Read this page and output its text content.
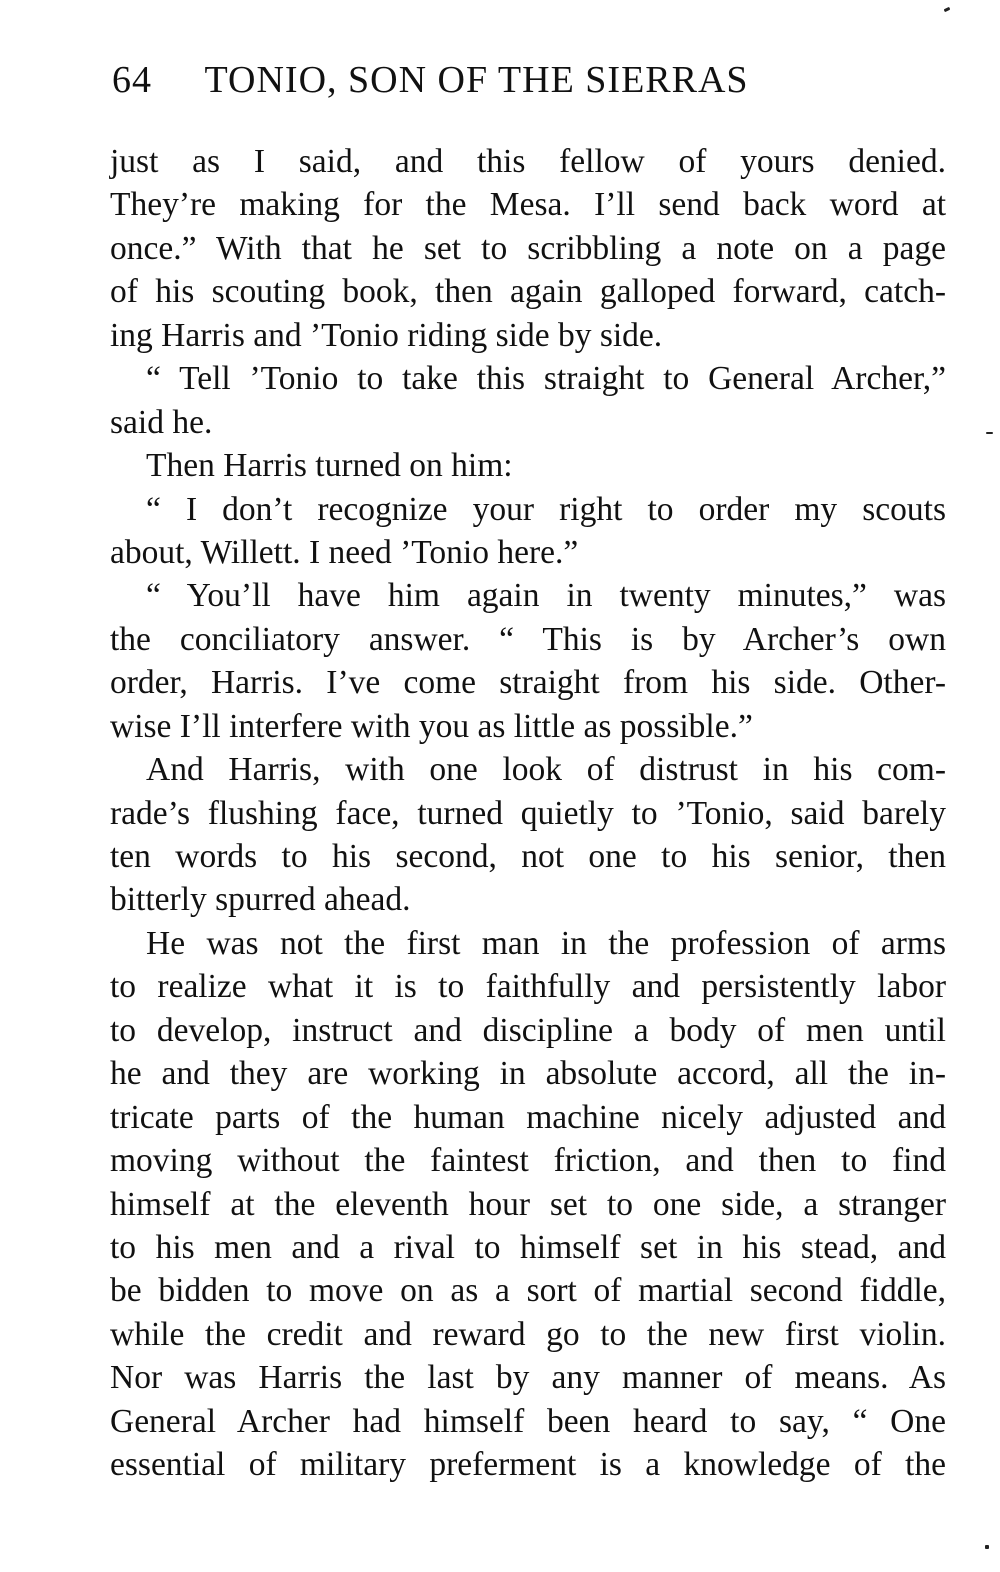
64 TONIO, SON OF THE SIERRAS
just as I said, and this fellow of yours denied.
They’re making for the Mesa. I’ll send back word at
once.” With that he set to scribbling a note on a page
of his scouting book, then again galloped forward, catch-
ing Harris and ’Tonio riding side by side.
“ Tell ’Tonio to take this straight to General Archer,”
said he.
Then Harris turned on him:
“ I don’t recognize your right to order my scouts
about, Willett. I need ’Tonio here.”
“ You’ll have him again in twenty minutes,” was
the conciliatory answer. “ This is by Archer’s own
order, Harris. I’ve come straight from his side. Other-
wise I’ll interfere with you as little as possible.”
And Harris, with one look of distrust in his com-
rade’s flushing face, turned quietly to ’Tonio, said barely
ten words to his second, not one to his senior, then
bitterly spurred ahead.
He was not the first man in the profession of arms
to realize what it is to faithfully and persistently labor
to develop, instruct and discipline a body of men until
he and they are working in absolute accord, all the in-
tricate parts of the human machine nicely adjusted and
moving without the faintest friction, and then to find
himself at the eleventh hour set to one side, a stranger
to his men and a rival to himself set in his stead, and
be bidden to move on as a sort of martial second fiddle,
while the credit and reward go to the new first violin.
Nor was Harris the last by any manner of means. As
General Archer had himself been heard to say, “ One
essential of military preferment is a knowledge of the
